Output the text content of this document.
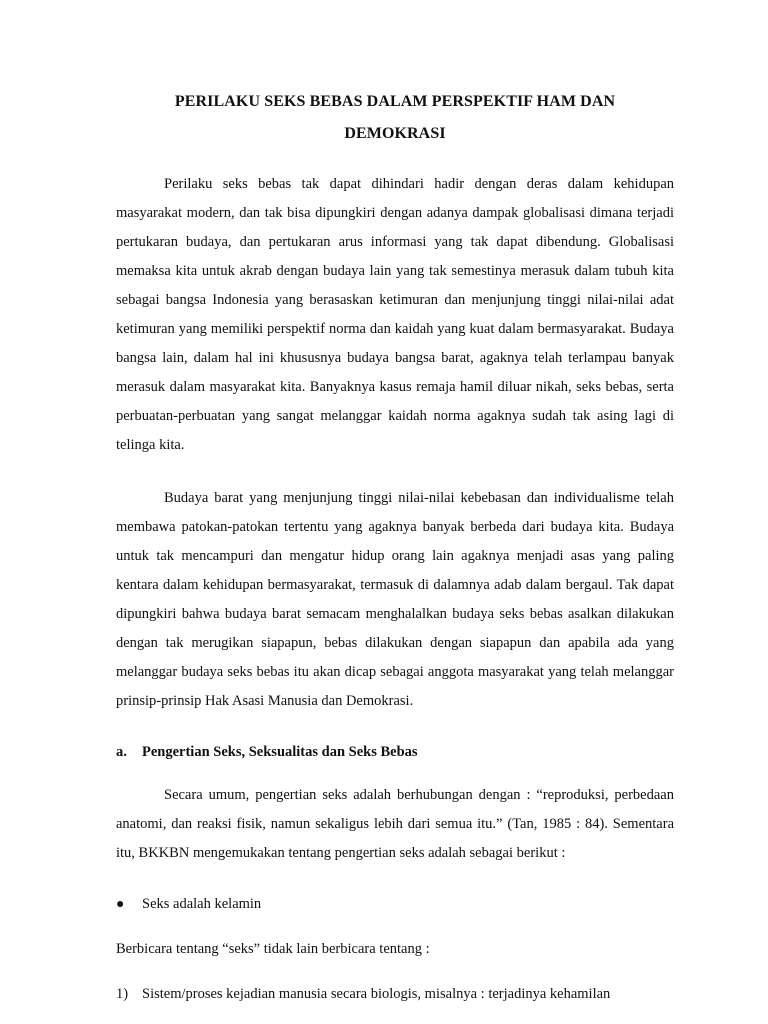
PERILAKU SEKS BEBAS DALAM PERSPEKTIF HAM DAN
DEMOKRASI

Perilaku seks bebas tak dapat dihindari hadir dengan deras dalam kehidupan masyarakat modern, dan tak bisa dipungkiri dengan adanya dampak globalisasi dimana terjadi pertukaran budaya, dan pertukaran arus informasi yang tak dapat dibendung. Globalisasi memaksa kita untuk akrab dengan budaya lain yang tak semestinya merasuk dalam tubuh kita sebagai bangsa Indonesia yang berasaskan ketimuran dan menjunjung tinggi nilai-nilai adat ketimuran yang memiliki perspektif norma dan kaidah yang kuat dalam bermasyarakat. Budaya bangsa lain, dalam hal ini khususnya budaya bangsa barat, agaknya telah terlampau banyak merasuk dalam masyarakat kita. Banyaknya kasus remaja hamil diluar nikah, seks bebas, serta perbuatan-perbuatan yang sangat melanggar kaidah norma agaknya sudah tak asing lagi di telinga kita.

Budaya barat yang menjunjung tinggi nilai-nilai kebebasan dan individualisme telah membawa patokan-patokan tertentu yang agaknya banyak berbeda dari budaya kita. Budaya untuk tak mencampuri dan mengatur hidup orang lain agaknya menjadi asas yang paling kentara dalam kehidupan bermasyarakat, termasuk di dalamnya adab dalam bergaul. Tak dapat dipungkiri bahwa budaya barat semacam menghalalkan budaya seks bebas asalkan dilakukan dengan tak merugikan siapapun, bebas dilakukan dengan siapapun dan apabila ada yang melanggar budaya seks bebas itu akan dicap sebagai anggota masyarakat yang telah melanggar prinsip-prinsip Hak Asasi Manusia dan Demokrasi.

a.	Pengertian Seks, Seksualitas dan Seks Bebas

Secara umum, pengertian seks adalah berhubungan dengan : “reproduksi, perbedaan anatomi, dan reaksi fisik, namun sekaligus lebih dari semua itu.” (Tan, 1985 : 84). Sementara itu, BKKBN mengemukakan tentang pengertian seks adalah sebagai berikut :

●	Seks adalah kelamin

Berbicara tentang “seks” tidak lain berbicara tentang :

1) Sistem/proses kejadian manusia secara biologis, misalnya : terjadinya kehamilan
